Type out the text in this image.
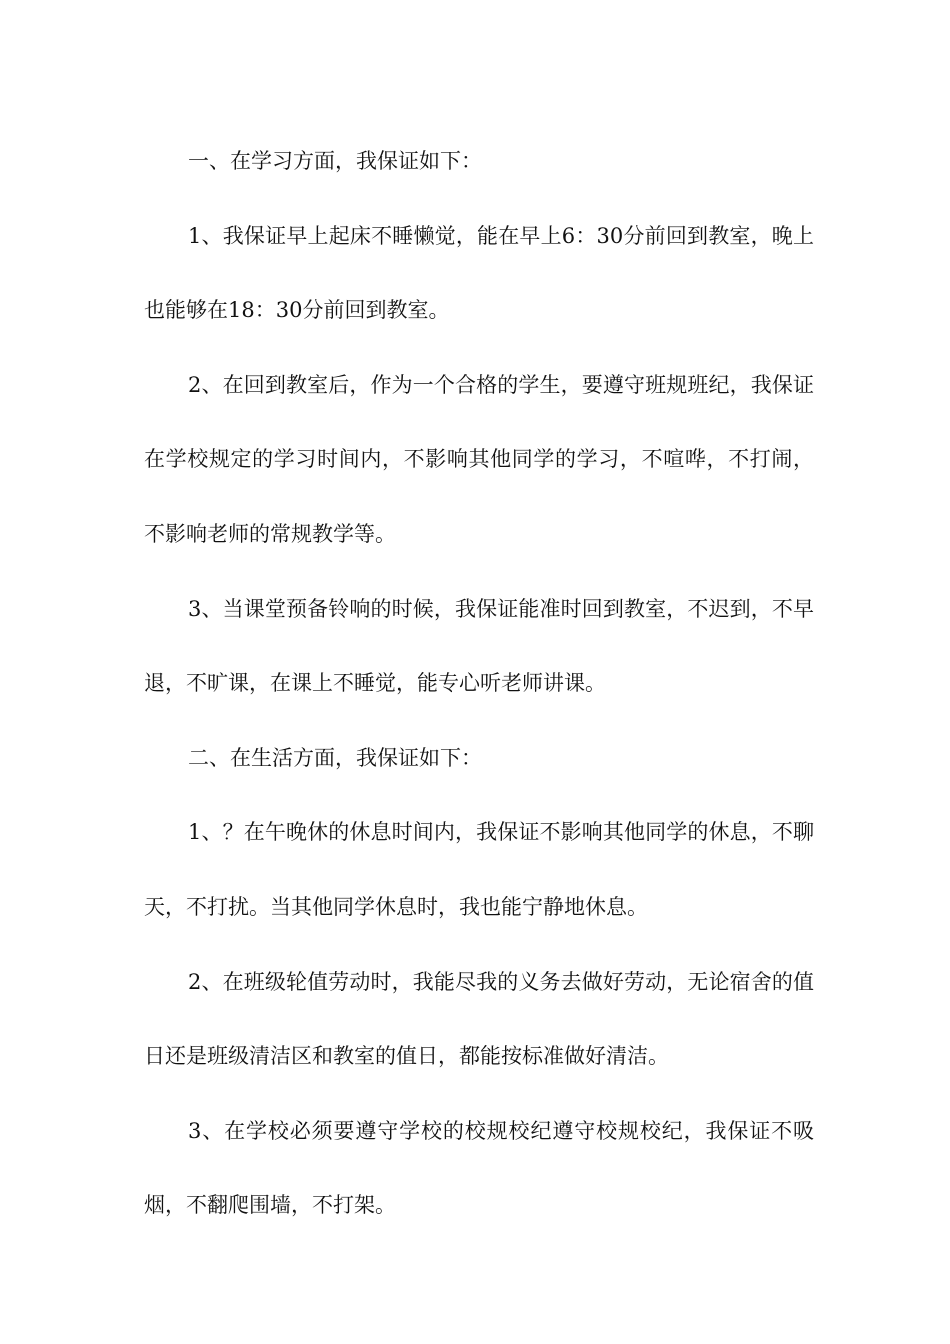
一、在学习方面，我保证如下：

1、我保证早上起床不睡懒觉，能在早上6：30分前回到教室，晚上也能够在18：30分前回到教室。

2、在回到教室后，作为一个合格的学生，要遵守班规班纪，我保证在学校规定的学习时间内，不影响其他同学的学习，不喧哗，不打闹，不影响老师的常规教学等。

3、当课堂预备铃响的时候，我保证能准时回到教室，不迟到，不早退，不旷课，在课上不睡觉，能专心听老师讲课。

二、在生活方面，我保证如下：

1、？在午晚休的休息时间内，我保证不影响其他同学的休息，不聊天，不打扰。当其他同学休息时，我也能宁静地休息。

2、在班级轮值劳动时，我能尽我的义务去做好劳动，无论宿舍的值日还是班级清洁区和教室的值日，都能按标准做好清洁。

3、在学校必须要遵守学校的校规校纪遵守校规校纪，我保证不吸烟，不翻爬围墙，不打架。
